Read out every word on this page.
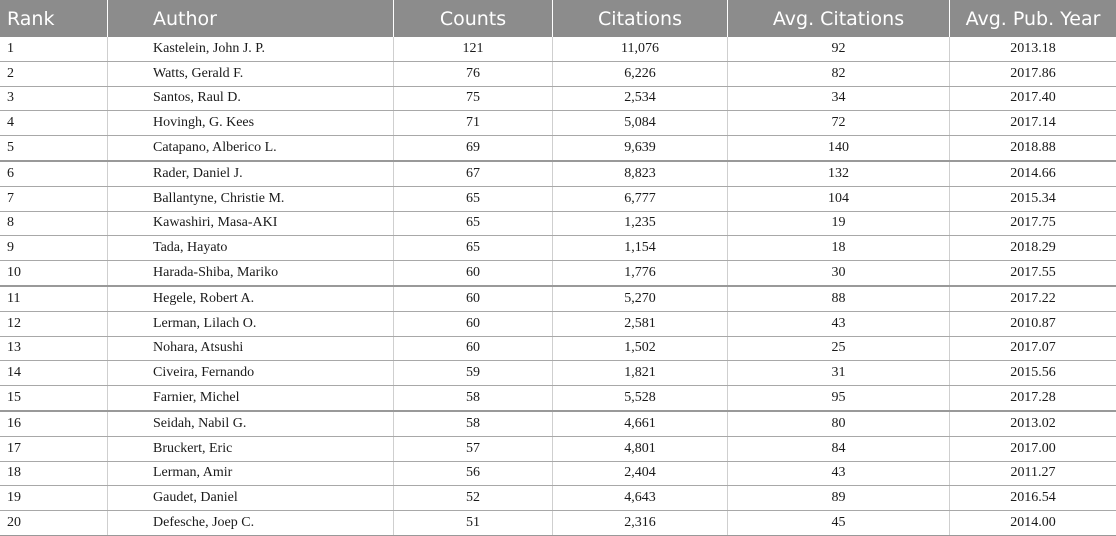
Rank	Author	Counts	Citations	Avg. Citations	Avg. Pub. Year
1	Kastelein, John J. P.	121	11,076	92	2013.18
2	Watts, Gerald F.	76	6,226	82	2017.86
3	Santos, Raul D.	75	2,534	34	2017.40
4	Hovingh, G. Kees	71	5,084	72	2017.14
5	Catapano, Alberico L.	69	9,639	140	2018.88
6	Rader, Daniel J.	67	8,823	132	2014.66
7	Ballantyne, Christie M.	65	6,777	104	2015.34
8	Kawashiri, Masa-AKI	65	1,235	19	2017.75
9	Tada, Hayato	65	1,154	18	2018.29
10	Harada-Shiba, Mariko	60	1,776	30	2017.55
11	Hegele, Robert A.	60	5,270	88	2017.22
12	Lerman, Lilach O.	60	2,581	43	2010.87
13	Nohara, Atsushi	60	1,502	25	2017.07
14	Civeira, Fernando	59	1,821	31	2015.56
15	Farnier, Michel	58	5,528	95	2017.28
16	Seidah, Nabil G.	58	4,661	80	2013.02
17	Bruckert, Eric	57	4,801	84	2017.00
18	Lerman, Amir	56	2,404	43	2011.27
19	Gaudet, Daniel	52	4,643	89	2016.54
20	Defesche, Joep C.	51	2,316	45	2014.00
